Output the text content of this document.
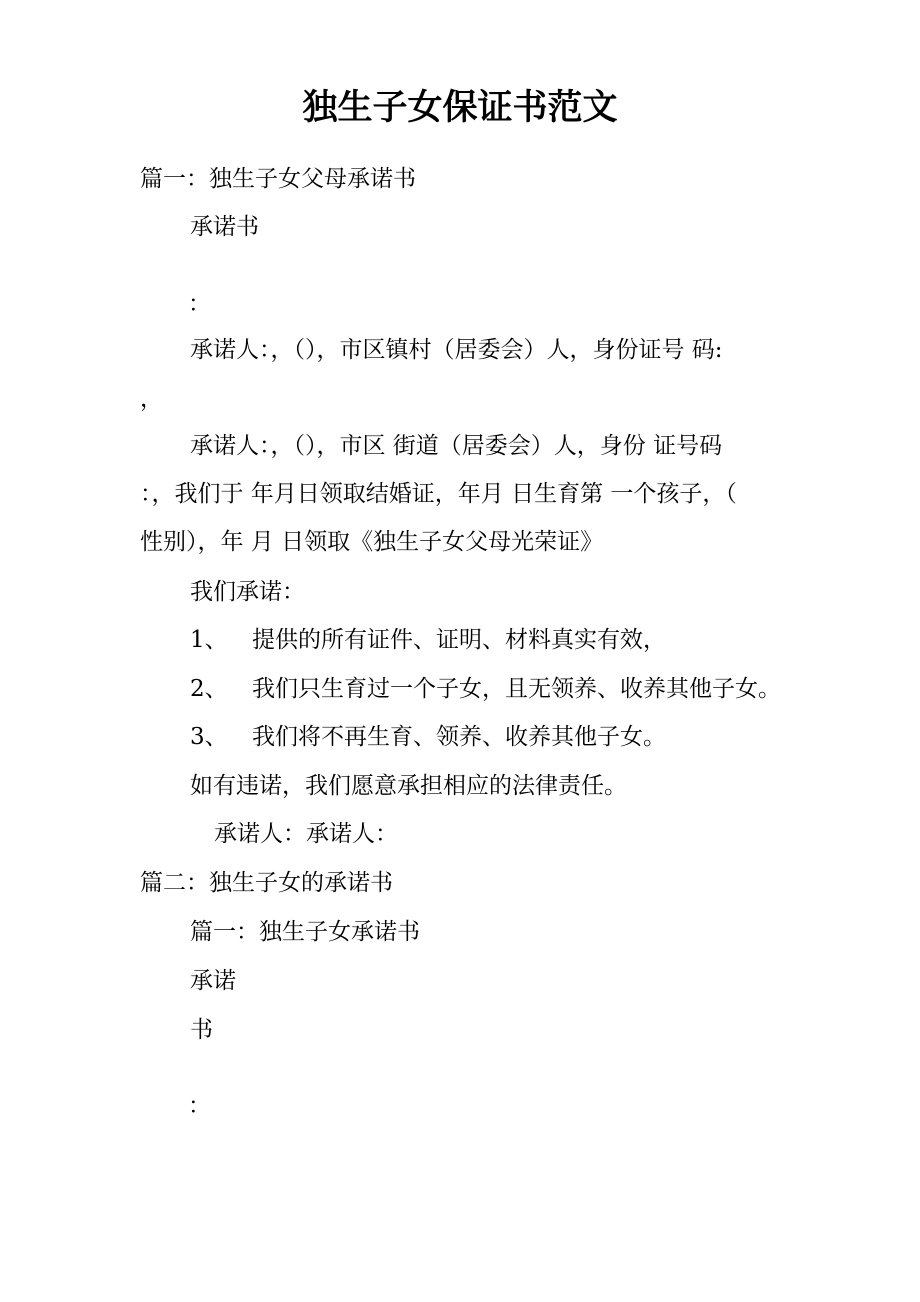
独生子女保证书范文

篇一：独生子女父母承诺书

承诺书

：

承诺人：，（），市区镇村（居委会）人，身份证号 码:

，

承诺人：，（），市区 街道（居委会）人，身份 证号码

：，我们于 年月日领取结婚证，年月 日生育第 一个孩子，（

性别），年 月 日领取《独生子女父母光荣证》

我们承诺：

1、 提供的所有证件、证明、材料真实有效，

2、 我们只生育过一个子女，且无领养、收养其他子女。

3、 我们将不再生育、领养、收养其他子女。

如有违诺，我们愿意承担相应的法律责任。

承诺人：承诺人：

篇二：独生子女的承诺书

篇一：独生子女承诺书

承诺

书

：
